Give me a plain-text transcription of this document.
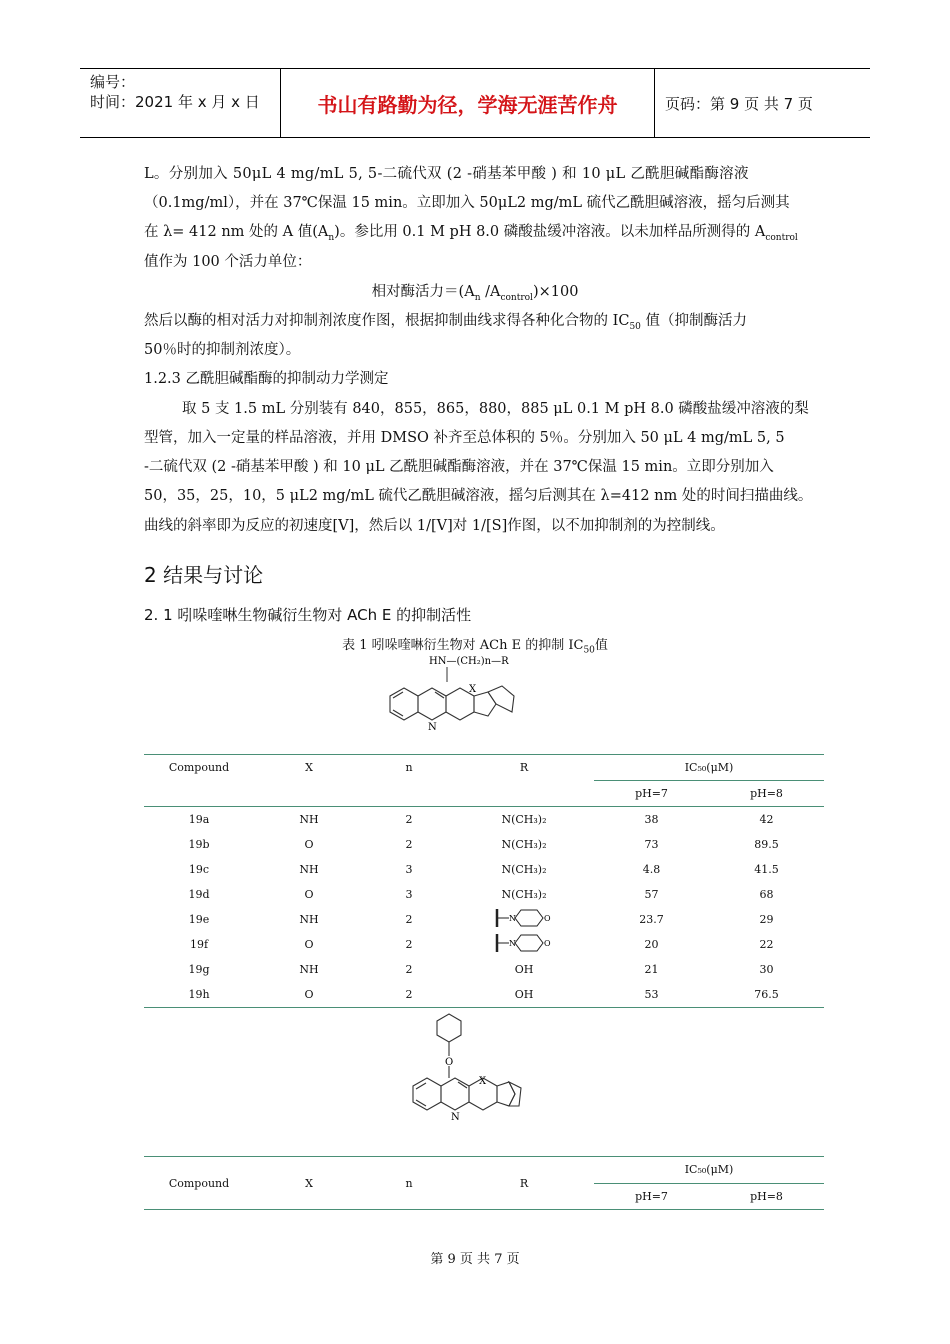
编号：
时间：2021 年 x 月 x 日	书山有路勤为径，学海无涯苦作舟	页码：第 9 页 共 7 页
L。分别加入 50μL 4 mg/mL 5, 5-二硫代双 (2 -硝基苯甲酸 ) 和 10 μL 乙酰胆碱酯酶溶液
（0.1mg/ml），并在 37℃保温 15 min。立即加入 50μL2 mg/mL 硫代乙酰胆碱溶液，摇匀后测其
在 λ= 412 nm 处的 A 值$(A_n)$。参比用 0.1 M pH 8.0 磷酸盐缓冲溶液。以未加样品所测得的 $A_{control}$
值作为 100 个活力单位：
相对酶活力$=(A_n$ $/A_{control})\times 100$
然后以酶的相对活力对抑制剂浓度作图，根据抑制曲线求得各种化合物的 $IC_{50}$ 值（抑制酶活力
50％时的抑制剂浓度）。
1.2.3 乙酰胆碱酯酶的抑制动力学测定
取 5 支 1.5 mL 分别装有 840，855，865，880，885 μL 0.1 M pH 8.0 磷酸盐缓冲溶液的梨
型管，加入一定量的样品溶液，并用 DMSO 补齐至总体积的 5％。分别加入 50 μL 4 mg/mL 5, 5
-二硫代双 (2 -硝基苯甲酸 ) 和 10 μL 乙酰胆碱酯酶溶液，并在 37℃保温 15 min。立即分别加入
50，35，25，10，5 μL2 mg/mL 硫代乙酰胆碱溶液，摇匀后测其在 λ=412 nm 处的时间扫描曲线。
曲线的斜率即为反应的初速度[V]，然后以 1/[V]对 1/[S]作图，以不加抑制剂的为控制线。
2 结果与讨论
2. 1 吲哚喹啉生物碱衍生物对 ACh E 的抑制活性
表 1 吲哚喹啉衍生物对 ACh E 的抑制 $IC_{50}$值
HN—(CH₂)n—R
X
N
Compound	X	n	R	IC₅₀(μM)	
				pH=7	pH=8
19a	NH	2	N(CH₃)₂	38	42
19b	O	2	N(CH₃)₂	73	89.5
19c	NH	3	N(CH₃)₂	4.8	41.5
19d	O	3	N(CH₃)₂	57	68
19e	NH	2	N O	23.7	29
19f	O	2	N O	20	22
19g	NH	2	OH	21	30
19h	O	2	OH	53	76.5
O
X
N
Compound	X	n	R	IC₅₀(μM)	
				pH=7	pH=8
第 9 页 共 7 页
